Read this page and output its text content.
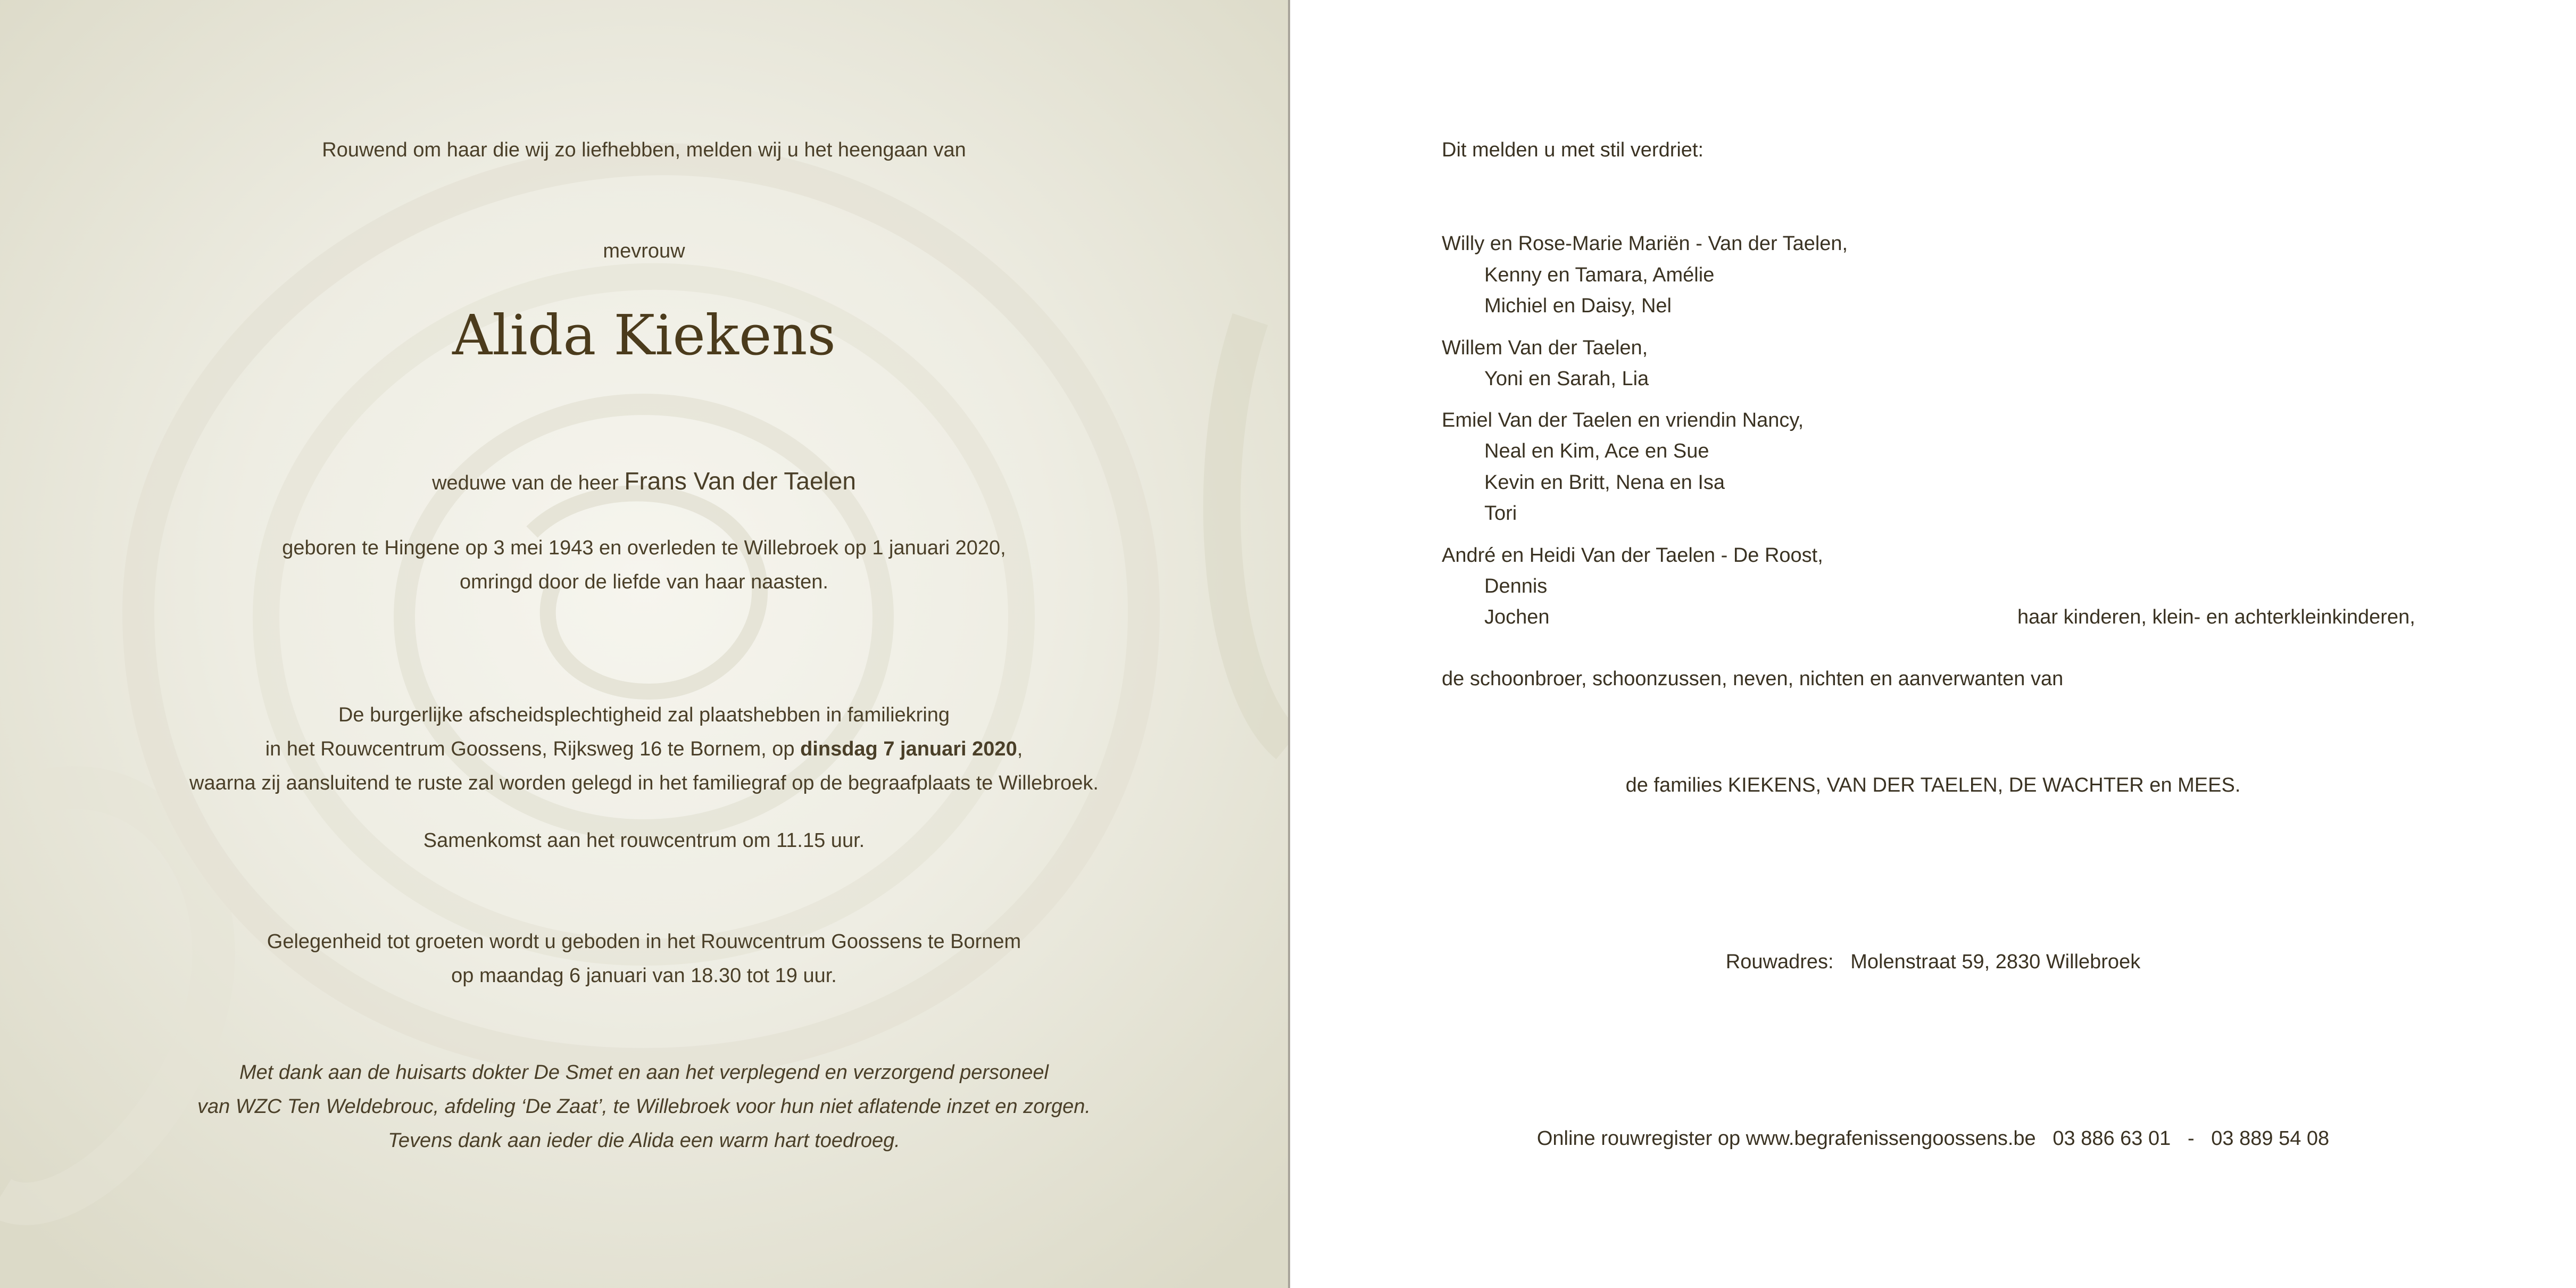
Rouwend om haar die wij zo liefhebben, melden wij u het heengaan van
mevrouw
Alida Kiekens
weduwe van de heer Frans Van der Taelen
geboren te Hingene op 3 mei 1943 en overleden te Willebroek op 1 januari 2020,
omringd door de liefde van haar naasten.
De burgerlijke afscheidsplechtigheid zal plaatshebben in familiekring
in het Rouwcentrum Goossens, Rijksweg 16 te Bornem, op dinsdag 7 januari 2020,
waarna zij aansluitend te ruste zal worden gelegd in het familiegraf op de begraafplaats te Willebroek.
Samenkomst aan het rouwcentrum om 11.15 uur.
Gelegenheid tot groeten wordt u geboden in het Rouwcentrum Goossens te Bornem
op maandag 6 januari van 18.30 tot 19 uur.
Met dank aan de huisarts dokter De Smet en aan het verplegend en verzorgend personeel
van WZC Ten Weldebrouc, afdeling ‘De Zaat’, te Willebroek voor hun niet aflatende inzet en zorgen.
Tevens dank aan ieder die Alida een warm hart toedroeg.
Dit melden u met stil verdriet:
Willy en Rose-Marie Mariën - Van der Taelen,
Kenny en Tamara, Amélie
Michiel en Daisy, Nel
Willem Van der Taelen,
Yoni en Sarah, Lia
Emiel Van der Taelen en vriendin Nancy,
Neal en Kim, Ace en Sue
Kevin en Britt, Nena en Isa
Tori
André en Heidi Van der Taelen - De Roost,
Dennis
Jochen	haar kinderen, klein- en achterkleinkinderen,
de schoonbroer, schoonzussen, neven, nichten en aanverwanten van
de families KIEKENS, VAN DER TAELEN, DE WACHTER en MEES.
Rouwadres: Molenstraat 59, 2830 Willebroek
Online rouwregister op www.begrafenissengoossens.be 03 886 63 01 - 03 889 54 08
